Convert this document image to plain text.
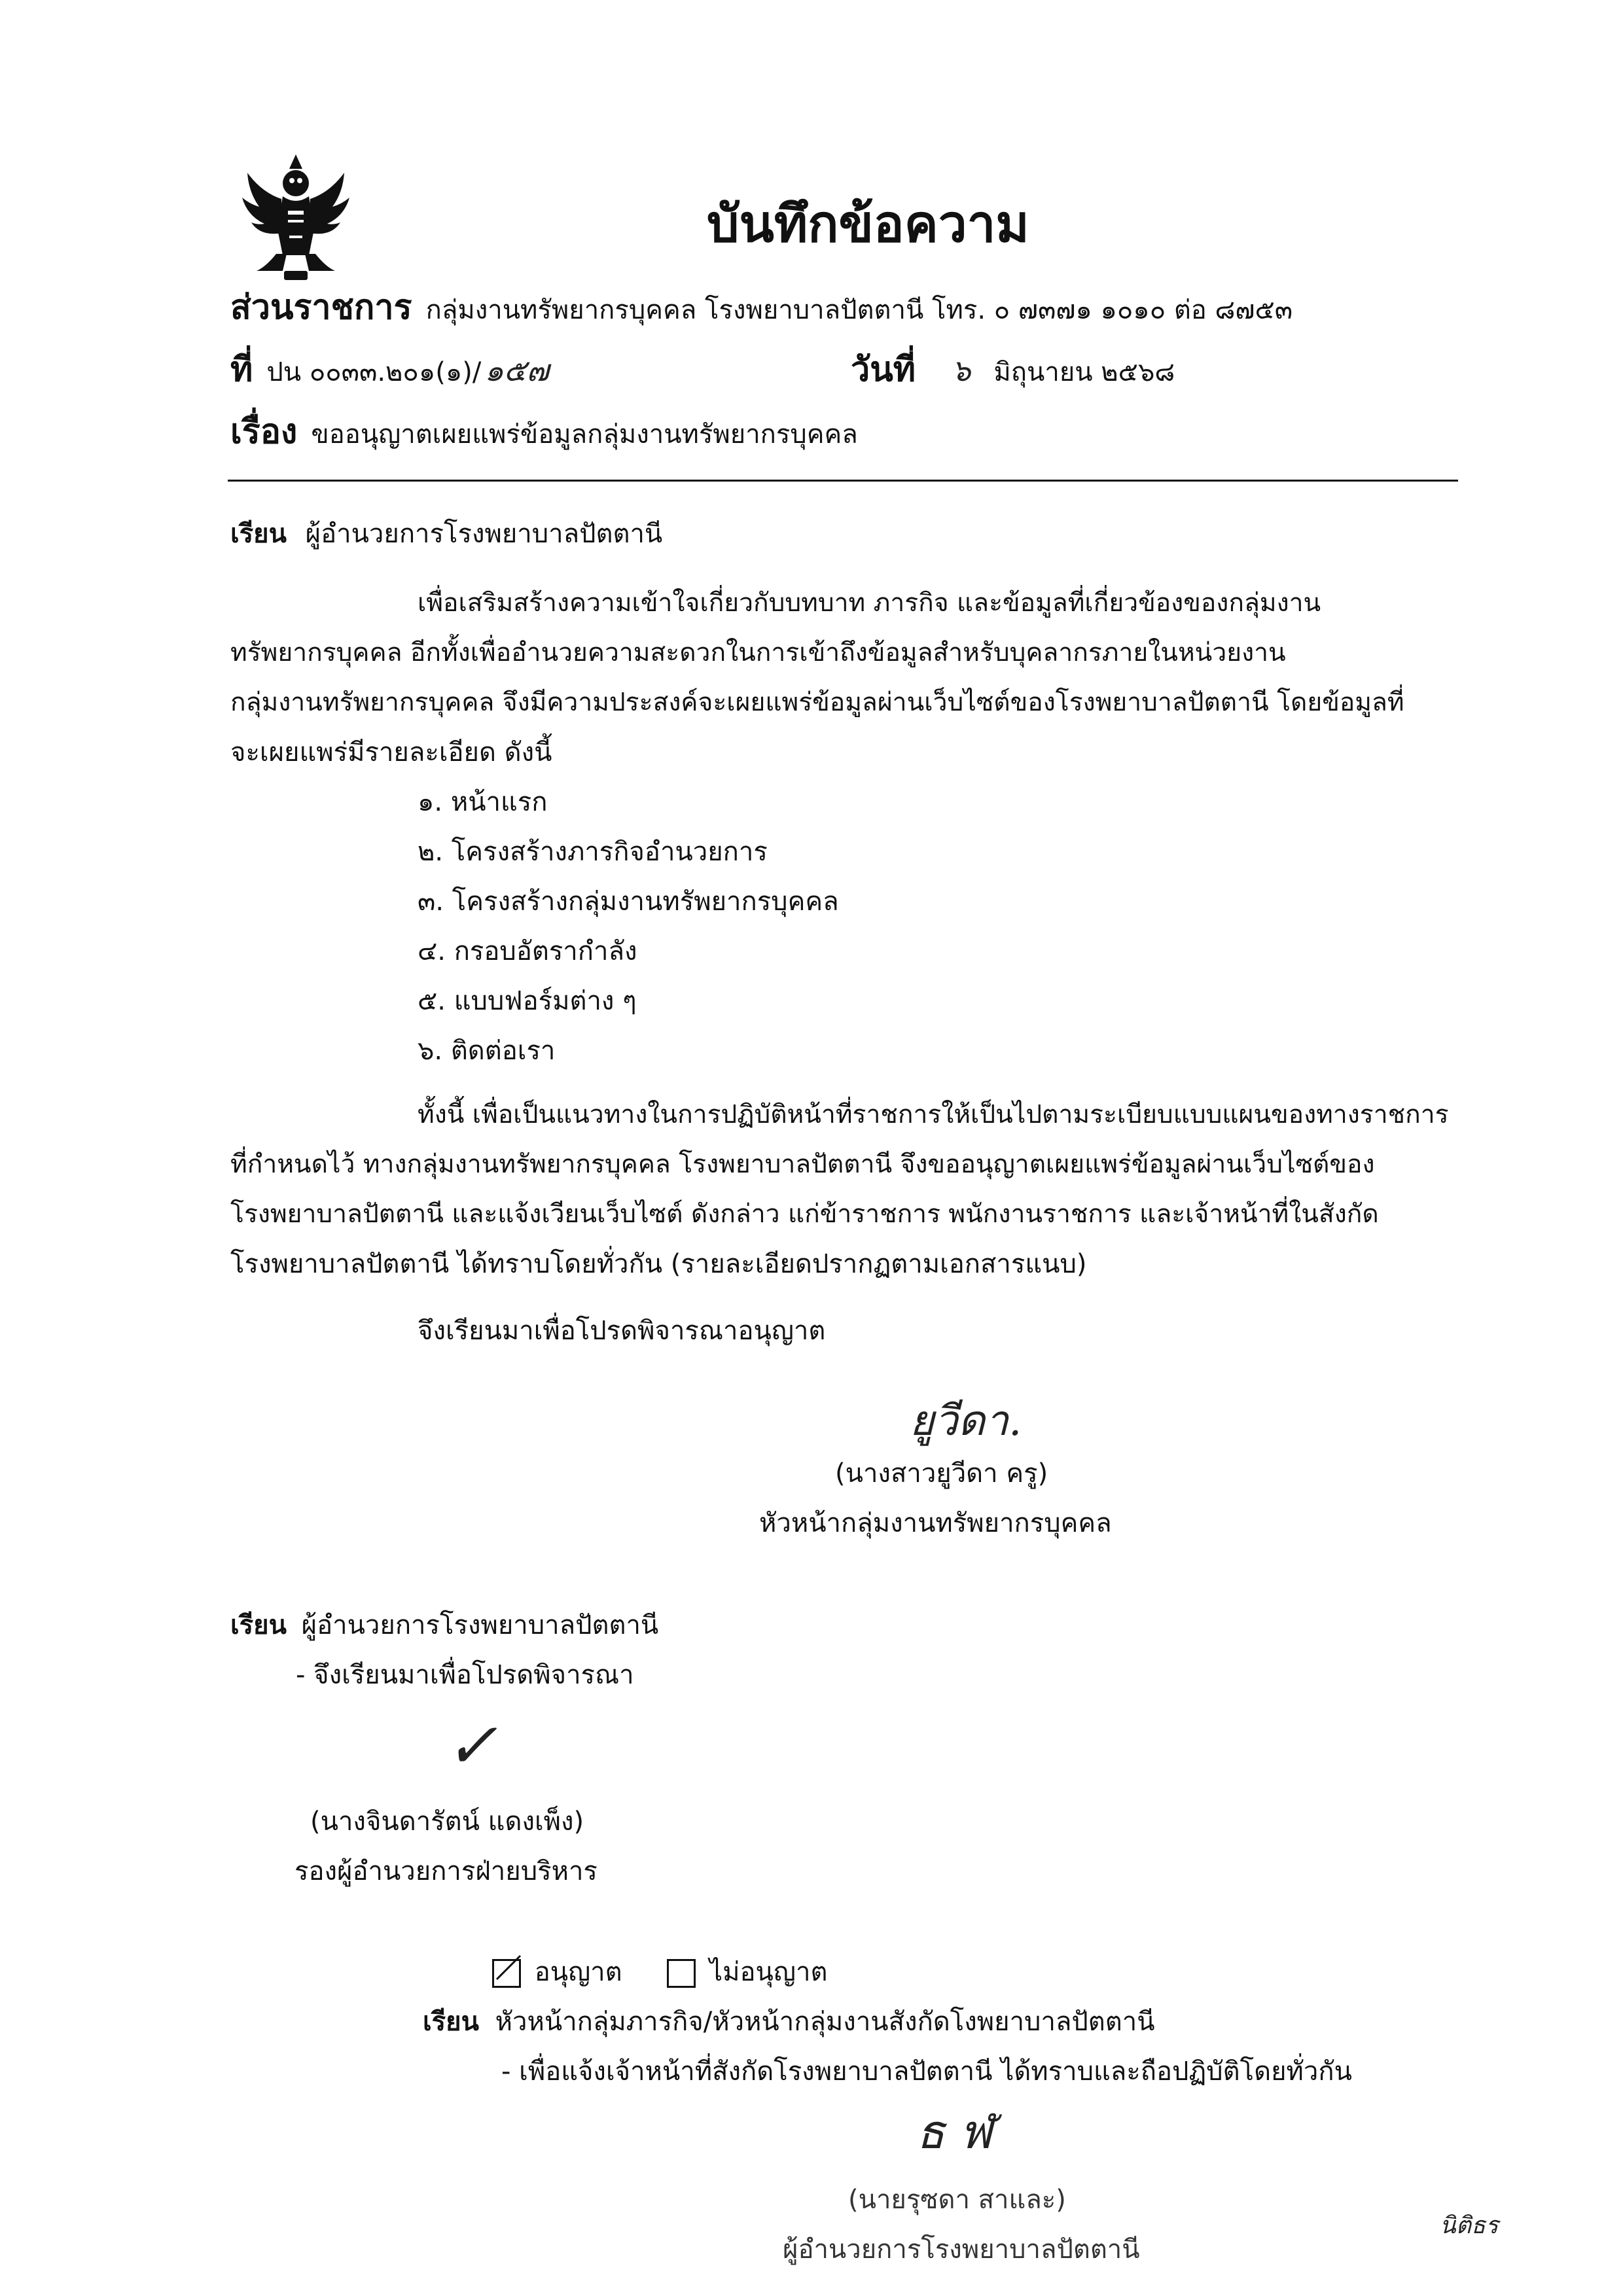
บันทึกข้อความ
ส่วนราชการ กลุ่มงานทรัพยากรบุคคล โรงพยาบาลปัตตานี โทร. ๐ ๗๓๗๑ ๑๐๑๐ ต่อ ๘๗๕๓
ที่ ปน ๐๐๓๓.๒๐๑(๑)/ ๑๕๗	วันที่ ๖ มิถุนายน ๒๕๖๘
เรื่อง ขออนุญาตเผยแพร่ข้อมูลกลุ่มงานทรัพยากรบุคคล
เรียน ผู้อำนวยการโรงพยาบาลปัตตานี
เพื่อเสริมสร้างความเข้าใจเกี่ยวกับบทบาท ภารกิจ และข้อมูลที่เกี่ยวข้องของกลุ่มงาน
ทรัพยากรบุคคล อีกทั้งเพื่ออำนวยความสะดวกในการเข้าถึงข้อมูลสำหรับบุคลากรภายในหน่วยงาน
กลุ่มงานทรัพยากรบุคคล จึงมีความประสงค์จะเผยแพร่ข้อมูลผ่านเว็บไซต์ของโรงพยาบาลปัตตานี โดยข้อมูลที่
จะเผยแพร่มีรายละเอียด ดังนี้
๑. หน้าแรก
๒. โครงสร้างภารกิจอำนวยการ
๓. โครงสร้างกลุ่มงานทรัพยากรบุคคล
๔. กรอบอัตรากำลัง
๕. แบบฟอร์มต่าง ๆ
๖. ติดต่อเรา
ทั้งนี้ เพื่อเป็นแนวทางในการปฏิบัติหน้าที่ราชการให้เป็นไปตามระเบียบแบบแผนของทางราชการ
ที่กำหนดไว้ ทางกลุ่มงานทรัพยากรบุคคล โรงพยาบาลปัตตานี จึงขออนุญาตเผยแพร่ข้อมูลผ่านเว็บไซต์ของ
โรงพยาบาลปัตตานี และแจ้งเวียนเว็บไซต์ ดังกล่าว แก่ข้าราชการ พนักงานราชการ และเจ้าหน้าที่ในสังกัด
โรงพยาบาลปัตตานี ได้ทราบโดยทั่วกัน (รายละเอียดปรากฏตามเอกสารแนบ)
จึงเรียนมาเพื่อโปรดพิจารณาอนุญาต
ยูวีดา.
(นางสาวยูวีดา ครู)
หัวหน้ากลุ่มงานทรัพยากรบุคคล
เรียน ผู้อำนวยการโรงพยาบาลปัตตานี
- จึงเรียนมาเพื่อโปรดพิจารณา
✓
(นางจินดารัตน์ แดงเพ็ง)
รองผู้อำนวยการฝ่ายบริหาร
อนุญาต	ไม่อนุญาต
เรียน หัวหน้ากลุ่มภารกิจ/หัวหน้ากลุ่มงานสังกัดโงพยาบาลปัตตานี
- เพื่อแจ้งเจ้าหน้าที่สังกัดโรงพยาบาลปัตตานี ได้ทราบและถือปฏิบัติโดยทั่วกัน
ธ ฬ
(นายรุซดา สาและ)
ผู้อำนวยการโรงพยาบาลปัตตานี
นิติธร
